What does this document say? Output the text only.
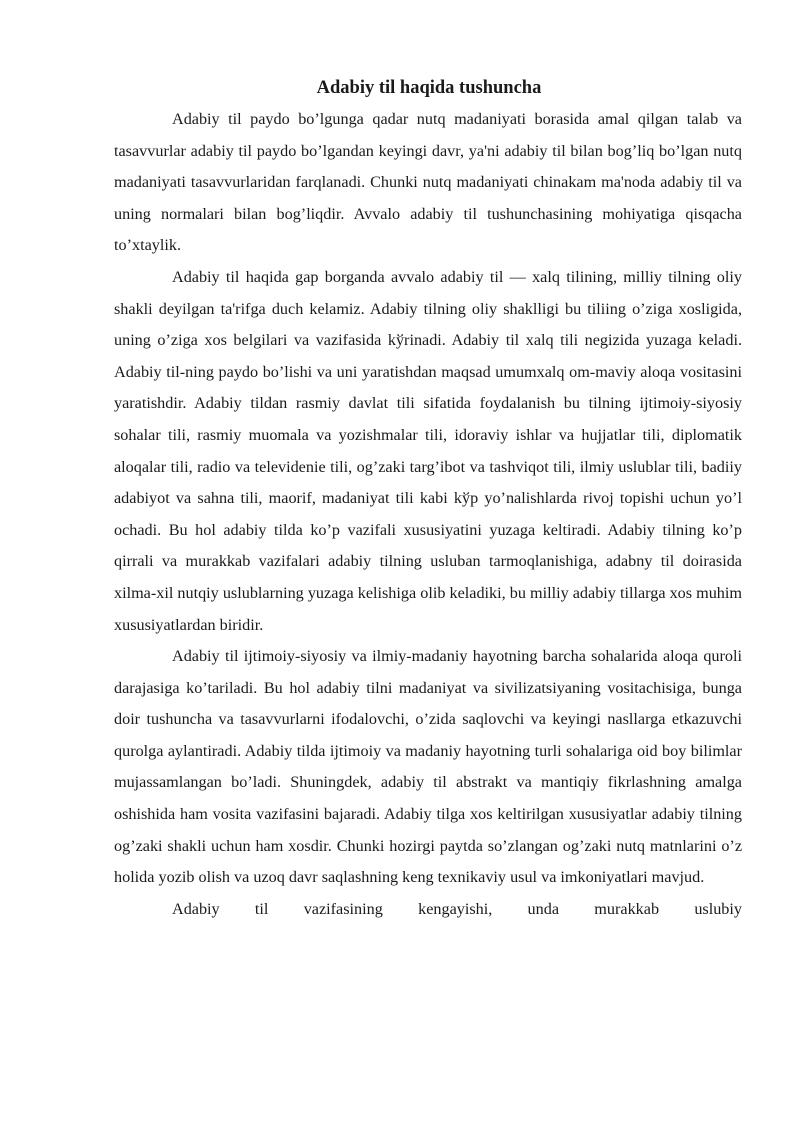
Adabiy til haqida tushuncha

Adabiy til paydo bo’lgunga qadar nutq madaniyati borasida amal qilgan talab va tasavvurlar adabiy til paydo bo’lgandan keyingi davr, ya'ni adabiy til bilan bog’liq bo’lgan nutq madaniyati tasavvurlaridan farqlanadi. Chunki nutq madaniyati chinakam ma'noda adabiy til va uning normalari bilan bog’liqdir. Avvalo adabiy til tushunchasining mohiyatiga qisqacha to’xtaylik.

Adabiy til haqida gap borganda avvalo adabiy til — xalq tilining, milliy tilning oliy shakli deyilgan ta'rifga duch kelamiz. Adabiy tilning oliy shaklligi bu tiliing o’ziga xosligida, uning o’ziga xos belgilari va vazifasida kўrinadi. Adabiy til xalq tili negizida yuzaga keladi. Adabiy til-ning paydo bo’lishi va uni yaratishdan maqsad umumxalq om-maviy aloqa vositasini yaratishdir. Adabiy tildan rasmiy davlat tili sifatida foydalanish bu tilning ijtimoiy-siyosiy sohalar tili, rasmiy muomala va yozishmalar tili, idoraviy ishlar va hujjatlar tili, diplomatik aloqalar tili, radio va televidenie tili, og’zaki targ’ibot va tashviqot tili, ilmiy uslublar tili, badiiy adabiyot va sahna tili, maorif, madaniyat tili kabi kўp yo’nalishlarda rivoj topishi uchun yo’l ochadi. Bu hol adabiy tilda ko’p vazifali xususiyatini yuzaga keltiradi. Adabiy tilning ko’p qirrali va murakkab vazifalari adabiy tilning usluban tarmoqlanishiga, adabny til doirasida xilma-xil nutqiy uslublarning yuzaga kelishiga olib keladiki, bu milliy adabiy tillarga xos muhim xususiyatlardan biridir.

Adabiy til ijtimoiy-siyosiy va ilmiy-madaniy hayotning barcha sohalarida aloqa quroli darajasiga ko’tariladi. Bu hol adabiy tilni madaniyat va sivilizatsiyaning vositachisiga, bunga doir tushuncha va tasavvurlarni ifodalovchi, o’zida saqlovchi va keyingi nasllarga etkazuvchi qurolga aylantiradi. Adabiy tilda ijtimoiy va madaniy hayotning turli sohalariga oid boy bilimlar mujassamlangan bo’ladi. Shuningdek, adabiy til abstrakt va mantiqiy fikrlashning amalga oshishida ham vosita vazifasini bajaradi. Adabiy tilga xos keltirilgan xususiyatlar adabiy tilning og’zaki shakli uchun ham xosdir. Chunki hozirgi paytda so’zlangan og’zaki nutq matnlarini o’z holida yozib olish va uzoq davr saqlashning keng texnikaviy usul va imkoniyatlari mavjud.

Adabiy til vazifasining kengayishi, unda murakkab uslubiy
